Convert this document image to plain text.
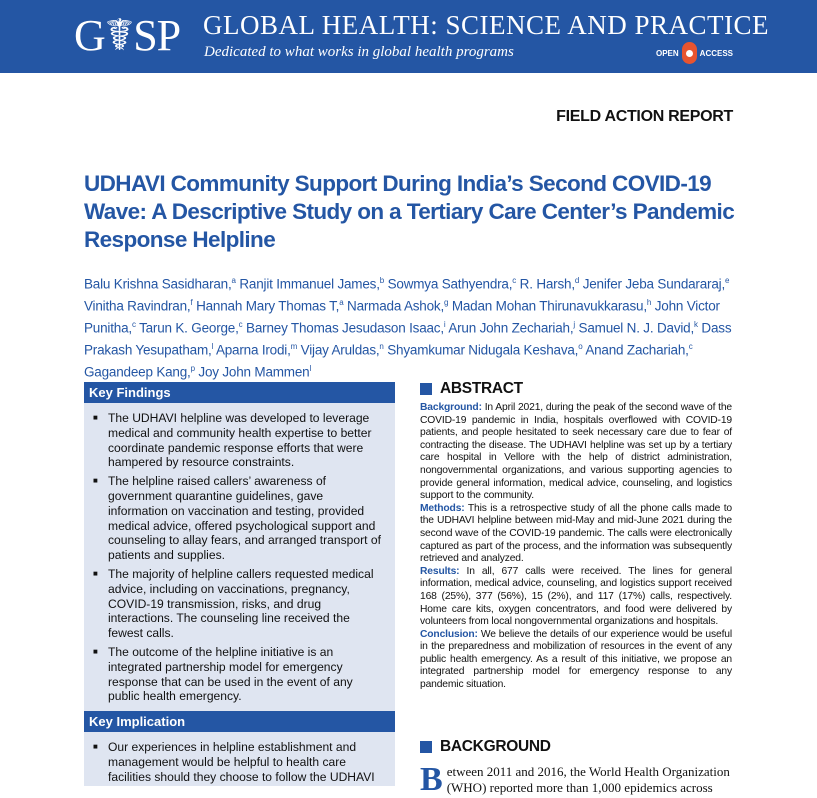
G☤SP GLOBAL HEALTH: SCIENCE AND PRACTICE
Dedicated to what works in global health programs	OPEN	ACCESS
FIELD ACTION REPORT
UDHAVI Community Support During India’s Second COVID-19 Wave: A Descriptive Study on a Tertiary Care Center’s Pandemic Response Helpline
Balu Krishna Sasidharan,$^a$ Ranjit Immanuel James,$^b$ Sowmya Sathyendra,$^c$ R. Harsh,$^d$ Jenifer Jeba Sundararaj,$^e$ Vinitha Ravindran,$^f$ Hannah Mary Thomas T,$^a$ Narmada Ashok,$^g$ Madan Mohan Thirunavukkarasu,$^h$ John Victor Punitha,$^c$ Tarun K. George,$^c$ Barney Thomas Jesudason Isaac,$^i$ Arun John Zechariah,$^j$ Samuel N. J. David,$^k$ Dass Prakash Yesupatham,$^l$ Aparna Irodi,$^m$ Vijay Aruldas,$^n$ Shyamkumar Nidugala Keshava,$^o$ Anand Zachariah,$^c$ Gagandeep Kang,$^p$ Joy John Mammen$^l$
Key Findings
■ The UDHAVI helpline was developed to leverage medical and community health expertise to better coordinate pandemic response efforts that were hampered by resource constraints.
■ The helpline raised callers’ awareness of government quarantine guidelines, gave information on vaccination and testing, provided medical advice, offered psychological support and counseling to allay fears, and arranged transport of patients and supplies.
■ The majority of helpline callers requested medical advice, including on vaccinations, pregnancy, COVID-19 transmission, risks, and drug interactions. The counseling line received the fewest calls.
■ The outcome of the helpline initiative is an integrated partnership model for emergency response that can be used in the event of any public health emergency.
Key Implication
■ Our experiences in helpline establishment and management would be helpful to health care facilities should they choose to follow the UDHAVI
ABSTRACT

Background: In April 2021, during the peak of the second wave of the COVID-19 pandemic in India, hospitals overflowed with COVID-19 patients, and people hesitated to seek necessary care due to fear of contracting the disease. The UDHAVI helpline was set up by a tertiary care hospital in Vellore with the help of district administration, nongovernmental organizations, and various supporting agencies to provide general information, medical advice, counseling, and logistics support to the community.

Methods: This is a retrospective study of all the phone calls made to the UDHAVI helpline between mid-May and mid-June 2021 during the second wave of the COVID-19 pandemic. The calls were electronically captured as part of the process, and the information was subsequently retrieved and analyzed.

Results: In all, 677 calls were received. The lines for general information, medical advice, counseling, and logistics support received 168 (25%), 377 (56%), 15 (2%), and 117 (17%) calls, respectively. Home care kits, oxygen concentrators, and food were delivered by volunteers from local nongovernmental organizations and hospitals.

Conclusion: We believe the details of our experience would be useful in the preparedness and mobilization of resources in the event of any public health emergency. As a result of this initiative, we propose an integrated partnership model for emergency response to any pandemic situation.

BACKGROUND
Between 2011 and 2016, the World Health Organization (WHO) reported more than 1,000 epidemics across
